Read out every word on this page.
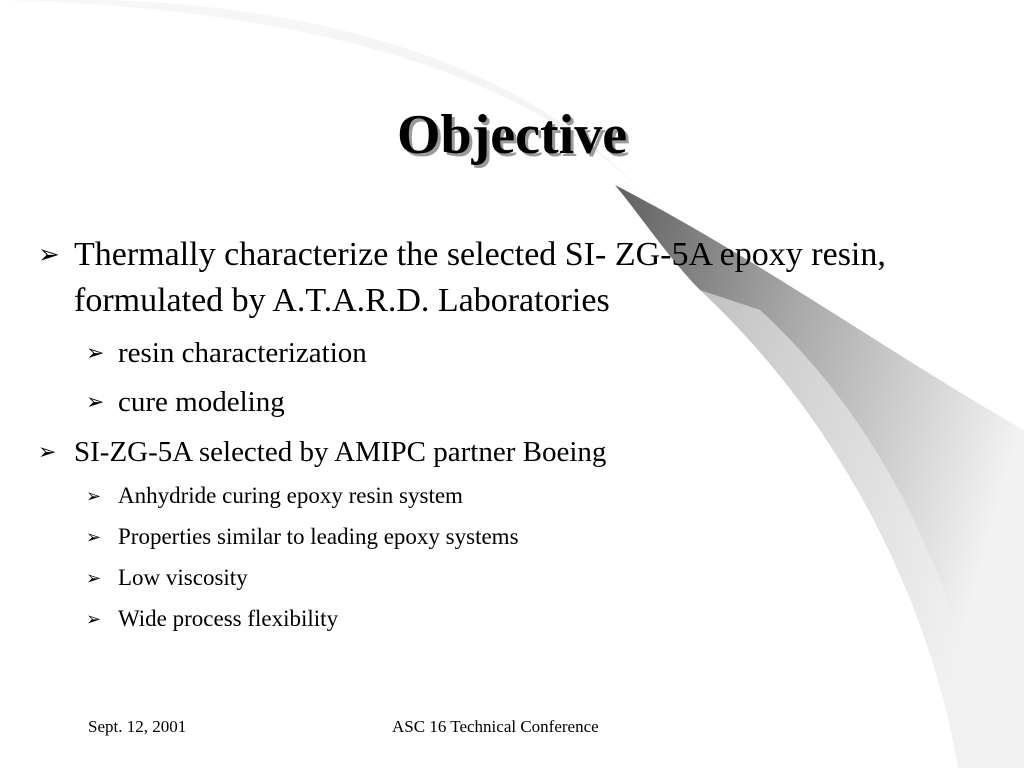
Objective
➢ Thermally characterize the selected SI- ZG-5A epoxy resin, formulated by A.T.A.R.D. Laboratories
➢ resin characterization
➢ cure modeling
➢ SI-ZG-5A selected by AMIPC partner Boeing
➢ Anhydride curing epoxy resin system
➢ Properties similar to leading epoxy systems
➢ Low viscosity
➢ Wide process flexibility
Sept. 12, 2001	ASC 16 Technical Conference
